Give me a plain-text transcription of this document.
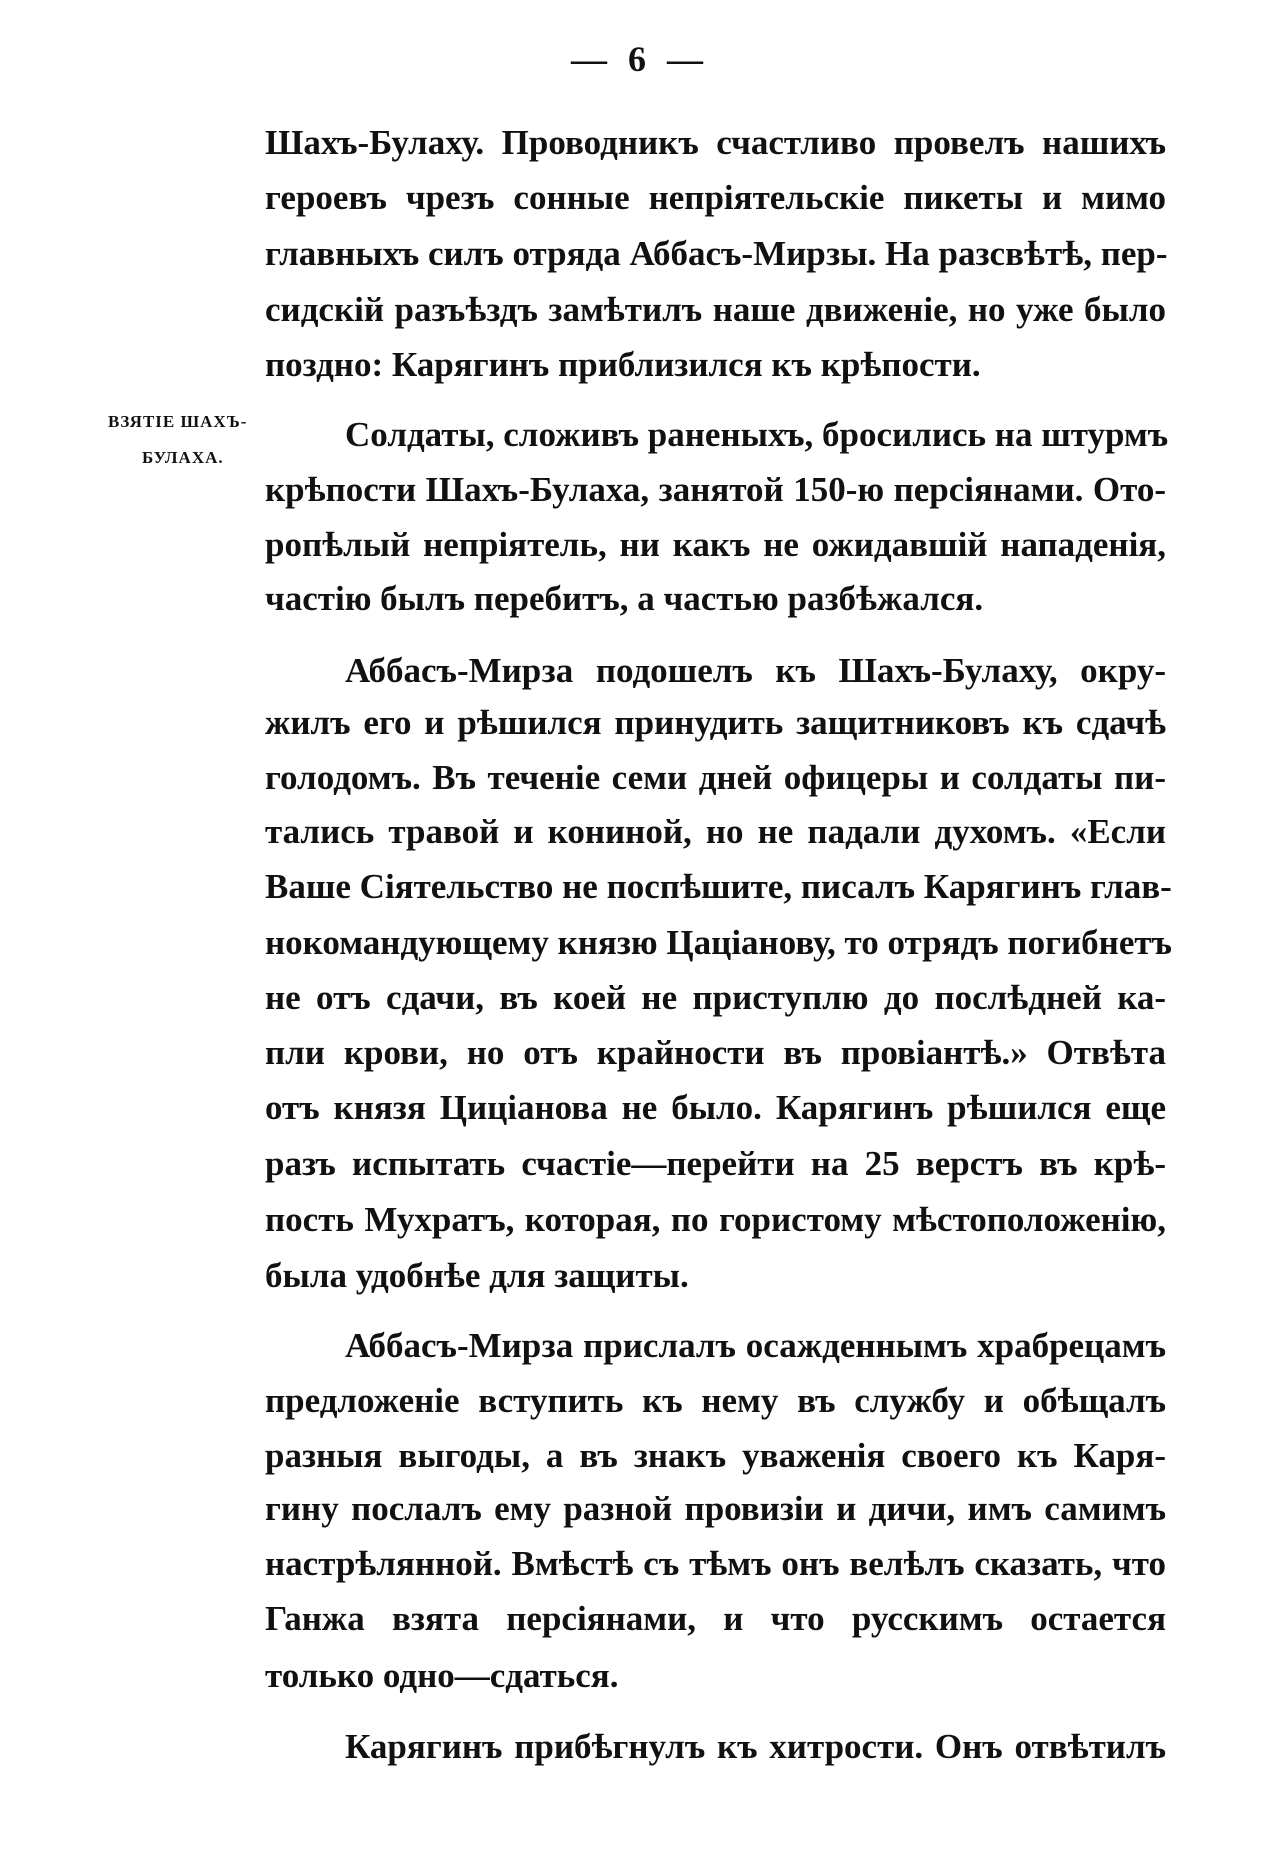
— 6 —
ВЗЯТІЕ ШАХЪ-
БУЛАХА.
Шахъ-Булаху. Проводникъ счастливо провелъ нашихъ
героевъ чрезъ сонные непріятельскіе пикеты и мимо
главныхъ силъ отряда Аббасъ-Мирзы. На разсвѣтѣ, пер-
сидскій разъѣздъ замѣтилъ наше движеніе, но уже было
поздно: Карягинъ приблизился къ крѣпости.
Солдаты, сложивъ раненыхъ, бросились на штурмъ
крѣпости Шахъ-Булаха, занятой 150-ю персіянами. Ото-
ропѣлый непріятель, ни какъ не ожидавшій нападенія,
частію былъ перебитъ, а частью разбѣжался.
Аббасъ-Мирза подошелъ къ Шахъ-Булаху, окру-
жилъ его и рѣшился принудить защитниковъ къ сдачѣ
голодомъ. Въ теченіе семи дней офицеры и солдаты пи-
тались травой и кониной, но не падали духомъ. «Если
Ваше Сіятельство не поспѣшите, писалъ Карягинъ глав-
нокомандующему князю Цаціанову, то отрядъ погибнетъ
не отъ сдачи, въ коей не приступлю до послѣдней ка-
пли крови, но отъ крайности въ провіантѣ.» Отвѣта
отъ князя Циціанова не было. Карягинъ рѣшился еще
разъ испытать счастіе—перейти на 25 верстъ въ крѣ-
пость Мухратъ, которая, по гористому мѣстоположенію,
была удобнѣе для защиты.
Аббасъ-Мирза прислалъ осажденнымъ храбрецамъ
предложеніе вступить къ нему въ службу и обѣщалъ
разныя выгоды, а въ знакъ уваженія своего къ Каря-
гину послалъ ему разной провизіи и дичи, имъ самимъ
настрѣлянной. Вмѣстѣ съ тѣмъ онъ велѣлъ сказать, что
Ганжа взята персіянами, и что русскимъ остается
только одно—сдаться.
Карягинъ прибѣгнулъ къ хитрости. Онъ отвѣтилъ
